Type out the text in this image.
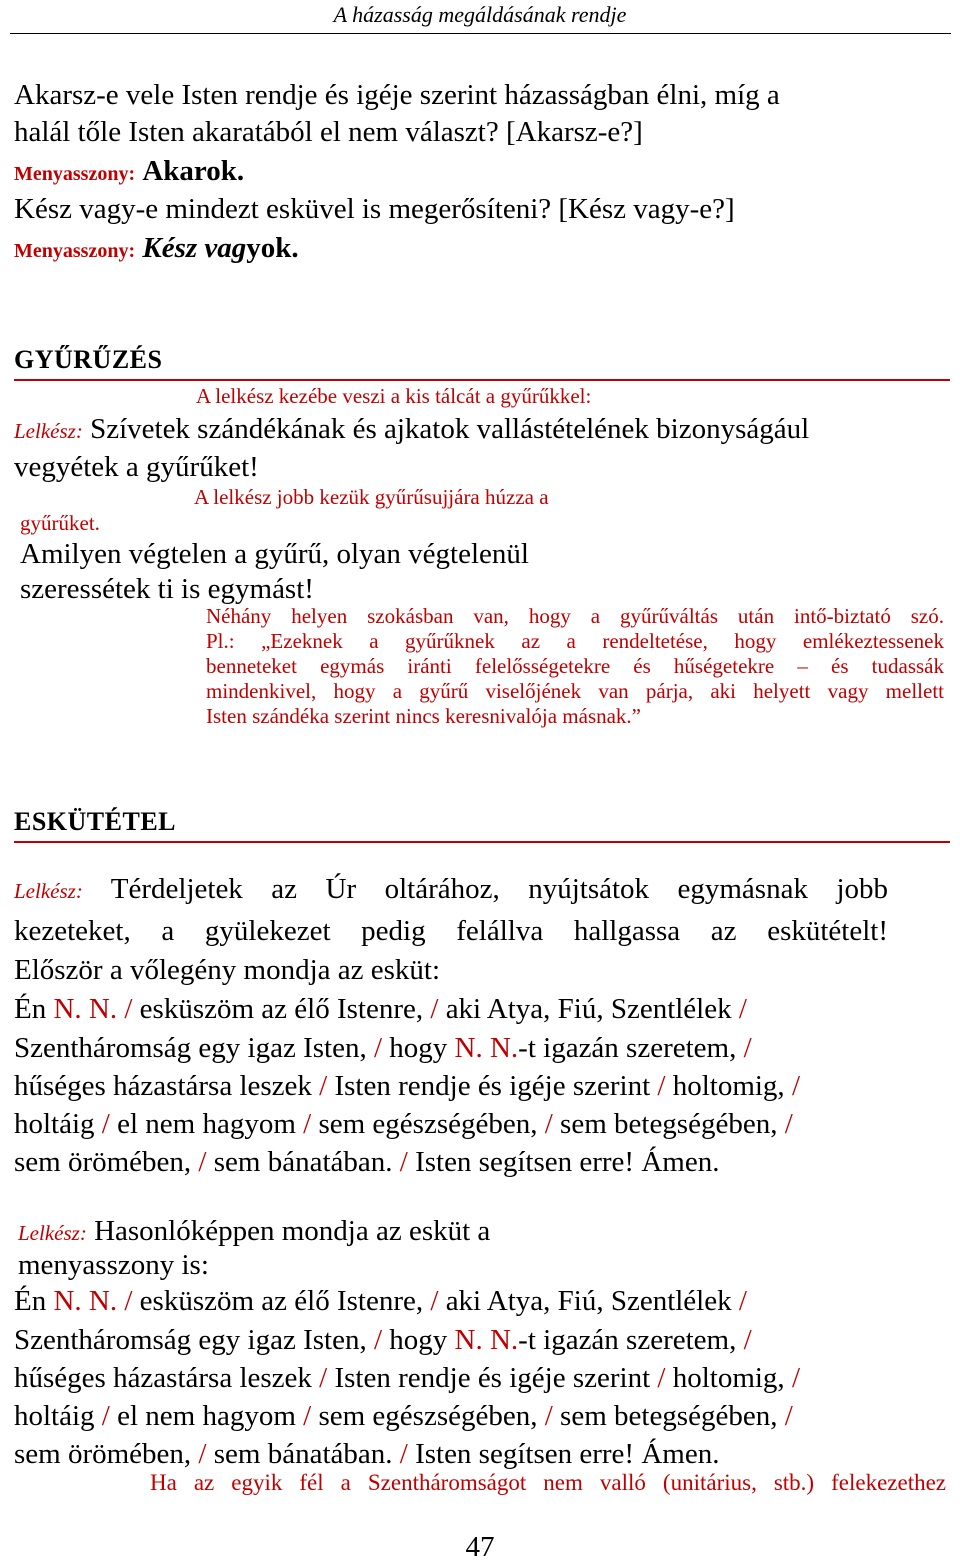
A házasság megáldásának rendje
Akarsz-e vele Isten rendje és igéje szerint házasságban élni, míg a
halál tőle Isten akaratából el nem választ? [Akarsz-e?]
Menyasszony: Akarok.
Kész vagy-e mindezt esküvel is megerősíteni? [Kész vagy-e?]
Menyasszony: Kész vagyok.
GYŰRŰZÉS
A lelkész kezébe veszi a kis tálcát a gyűrűkkel:
Lelkész: Szívetek szándékának és ajkatok vallástételének bizonyságául
vegyétek a gyűrűket!
A lelkész jobb kezük gyűrűsujjára húzza a
gyűrűket.
Amilyen végtelen a gyűrű, olyan végtelenül
szeressétek ti is egymást!
Néhány helyen szokásban van, hogy a gyűrűváltás után intő-biztató szó.
Pl.: „Ezeknek a gyűrűknek az a rendeltetése, hogy emlékeztessenek
benneteket egymás iránti felelősségetekre és hűségetekre – és tudassák
mindenkivel, hogy a gyűrű viselőjének van párja, aki helyett vagy mellett
Isten szándéka szerint nincs keresnivalója másnak.”
ESKÜTÉTEL
Lelkész: Térdeljetek az Úr oltárához, nyújtsátok egymásnak jobb
kezeteket, a gyülekezet pedig felállva hallgassa az eskütételt!
Először a vőlegény mondja az esküt:
Én N. N. / esküszöm az élő Istenre, / aki Atya, Fiú, Szentlélek /
Szentháromság egy igaz Isten, / hogy N. N.-t igazán szeretem, /
hűséges házastársa leszek / Isten rendje és igéje szerint / holtomig, /
holtáig / el nem hagyom / sem egészségében, / sem betegségében, /
sem örömében, / sem bánatában. / Isten segítsen erre! Ámen.
Lelkész: Hasonlóképpen mondja az esküt a
menyasszony is:
Én N. N. / esküszöm az élő Istenre, / aki Atya, Fiú, Szentlélek /
Szentháromság egy igaz Isten, / hogy N. N.-t igazán szeretem, /
hűséges házastársa leszek / Isten rendje és igéje szerint / holtomig, /
holtáig / el nem hagyom / sem egészségében, / sem betegségében, /
sem örömében, / sem bánatában. / Isten segítsen erre! Ámen.
Ha az egyik fél a Szentháromságot nem valló (unitárius, stb.) felekezethez
47
